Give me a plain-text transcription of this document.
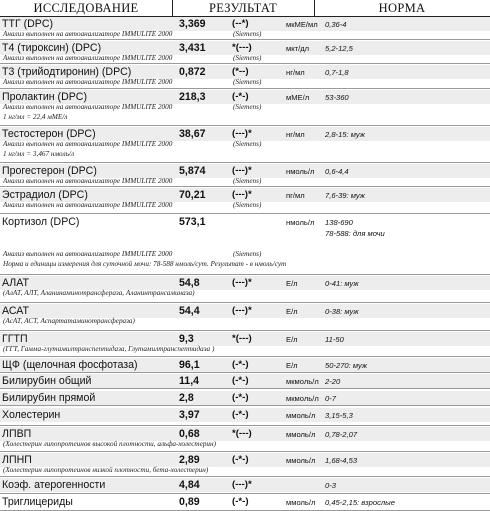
ИССЛЕДОВАНИЕ	РЕЗУЛЬТАТ	НОРМА
ТТГ (DPC)	3,369	(--*)	мкМЕ/мл 0,36-4
Анализ выполнен на автоанализаторе IMMULITE 2000	(Siemens)
Т4 (тироксин) (DPC)	3,431	*(---)	мкт/дл 5,2-12,5
Анализ выполнен на автоанализаторе IMMULITE 2000	(Siemens)
Т3 (трийодтиронин) (DPC)	0,872	(*--)	нг/мл	0,7-1,8
Анализ выполнен на автоанализаторе IMMULITE 2000	(Siemens)
Пролактин (DPC)	218,3	(-*-)	мМЕ/л 53-360
Анализ выполнен на автоанализаторе IMMULITE 2000	(Siemens)
1 нг/мл = 22,4 мМЕ/л
Тестостерон (DPC)	38,67	(---)*	нг/мл	2,8-15: муж
Анализ выполнен на автоанализаторе IMMULITE 2000	(Siemens)
1 нг/мл = 3,467 нмоль/л
Прогестерон (DPC)	5,874	(---)*	нмоль/л 0,6-4,4
Анализ выполнен на автоанализаторе IMMULITE 2000	(Siemens)
Эстрадиол (DPC)	70,21	(---)*	пг/мл	7,6-39: муж
Анализ выполнен на автоанализаторе IMMULITE 2000	(Siemens)
Кортизол (DPC)	573,1	нмоль/л 138-690
78-588: для мочи
Анализ выполнен на автоанализаторе IMMULITE 2000	(Siemens)
Норма и единицы измерения для суточной мочи: 78-588 нмоль/сут. Результат - в нмоль/сут
АЛАТ	54,8	(---)*	Е/л	0-41: муж
(АлАТ, АЛТ, Аланинаминотрансфераза, Аланинтрансаминаза)
АСАТ	54,4	(---)*	Е/л	0-38: муж
(АсАТ, АСТ, Аспартатаминотрансфераза)
ГГТП	9,3	*(---)	Е/л	11-50
(ГГТ, Гамма-глутамилтранспептидаза, Глутамилтранспептидаза )
ЩФ (щелочная фосфотаза)	96,1	(-*-)	Е/л	50-270: муж
Билирубин общий	11,4	(-*-)	мкмоль/л 2-20
Билирубин прямой	2,8	(-*-)	мкмоль/л 0-7
Холестерин	3,97	(-*-)	ммоль/л 3,15-5,3
ЛПВП	0,68	*(---)	ммоль/л 0,78-2,07
(Холестерин липопротеинов высокой плотности, альфа-холестерин)
ЛПНП	2,89	(-*-)	ммоль/л 1,68-4,53
(Холестерин липопротеинов низкой плотности, бета-холестерин)
Коэф. атерогенности	4,84	(---)*	0-3
Триглицериды	0,89	(-*-)	ммоль/л 0,45-2,15: взрослые
